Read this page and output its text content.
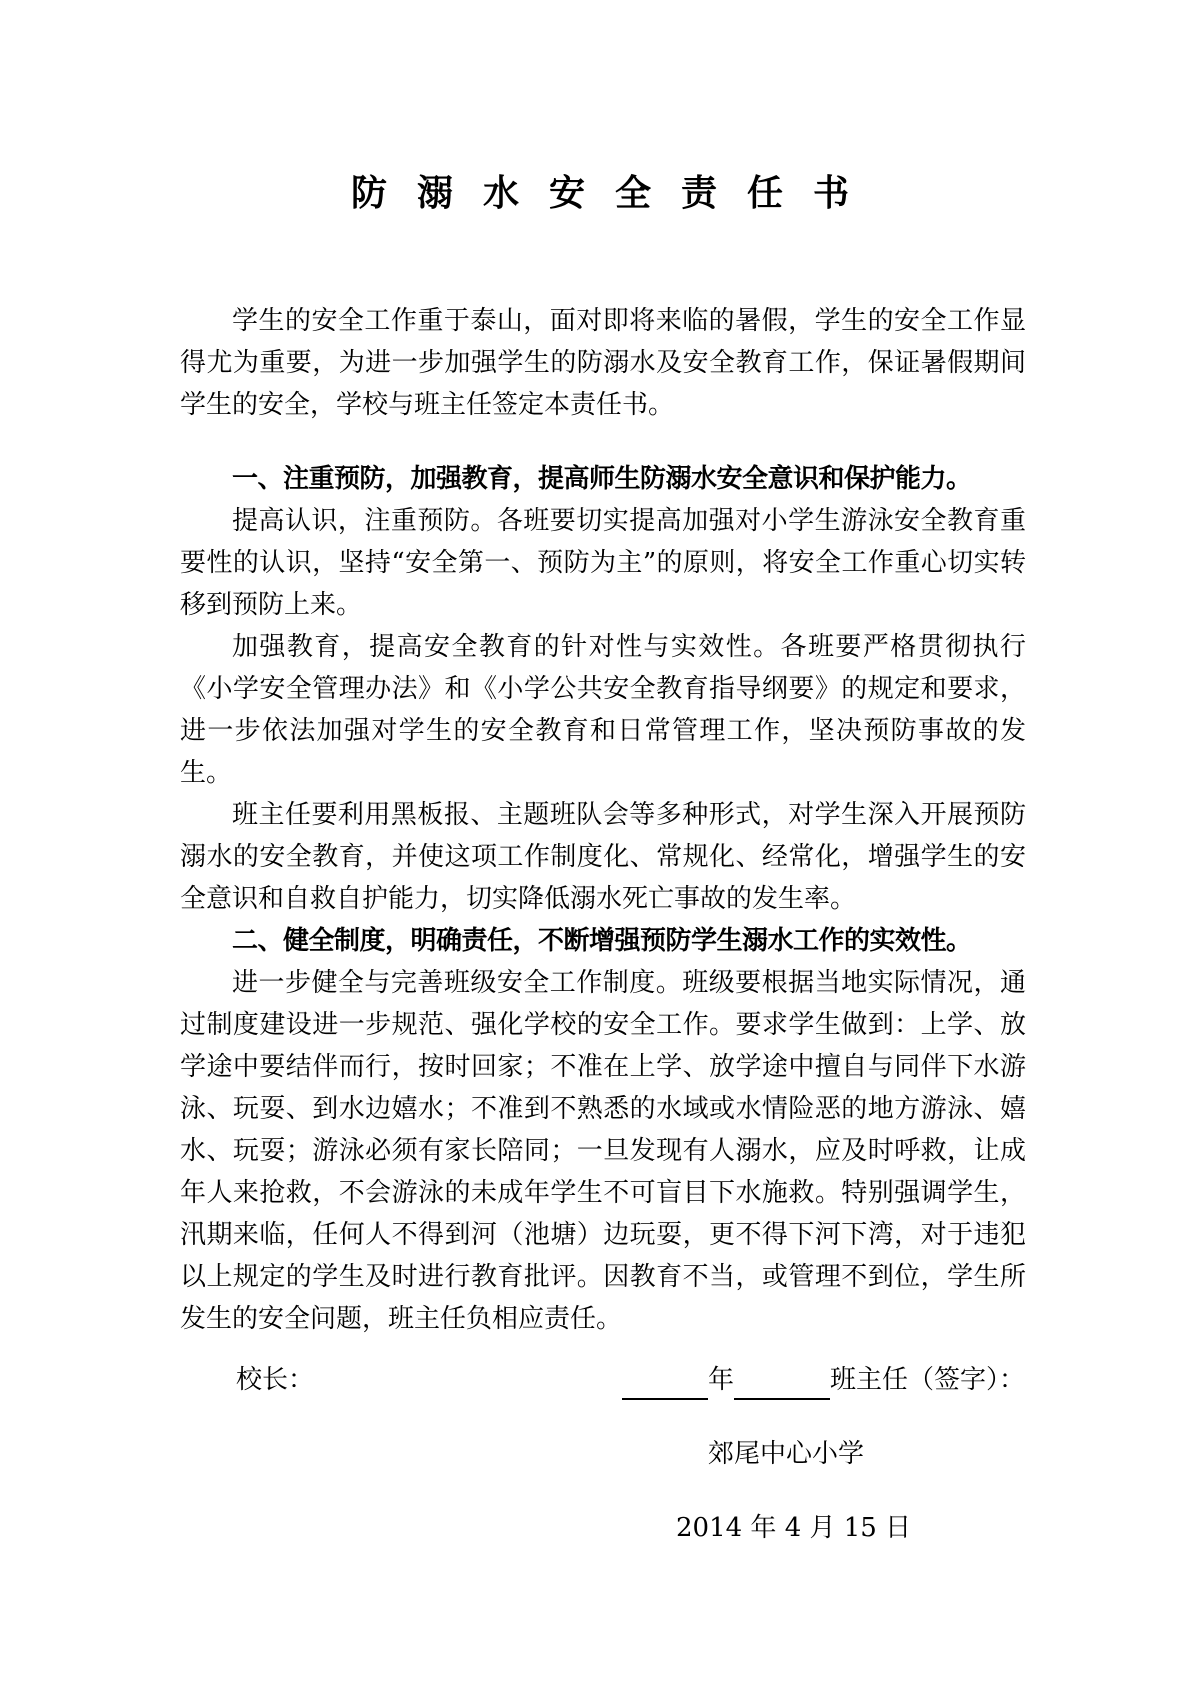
防溺水安全责任书

学生的安全工作重于泰山，面对即将来临的暑假，学生的安全工作显得尤为重要，为进一步加强学生的防溺水及安全教育工作，保证暑假期间学生的安全，学校与班主任签定本责任书。

一、注重预防，加强教育，提高师生防溺水安全意识和保护能力。

提高认识，注重预防。各班要切实提高加强对小学生游泳安全教育重要性的认识，坚持“安全第一、预防为主”的原则，将安全工作重心切实转移到预防上来。

加强教育，提高安全教育的针对性与实效性。各班要严格贯彻执行《小学安全管理办法》和《小学公共安全教育指导纲要》的规定和要求，进一步依法加强对学生的安全教育和日常管理工作，坚决预防事故的发生。

班主任要利用黑板报、主题班队会等多种形式，对学生深入开展预防溺水的安全教育，并使这项工作制度化、常规化、经常化，增强学生的安全意识和自救自护能力，切实降低溺水死亡事故的发生率。

二、健全制度，明确责任，不断增强预防学生溺水工作的实效性。

进一步健全与完善班级安全工作制度。班级要根据当地实际情况，通过制度建设进一步规范、强化学校的安全工作。要求学生做到：上学、放学途中要结伴而行，按时回家；不准在上学、放学途中擅自与同伴下水游泳、玩耍、到水边嬉水；不准到不熟悉的水域或水情险恶的地方游泳、嬉水、玩耍；游泳必须有家长陪同；一旦发现有人溺水，应及时呼救，让成年人来抢救，不会游泳的未成年学生不可盲目下水施救。特别强调学生，汛期来临，任何人不得到河（池塘）边玩耍，更不得下河下湾，对于违犯以上规定的学生及时进行教育批评。因教育不当，或管理不到位，学生所发生的安全问题，班主任负相应责任。

校长：	年	班主任（签字）：
郊尾中心小学
2014 年 4 月 15 日
